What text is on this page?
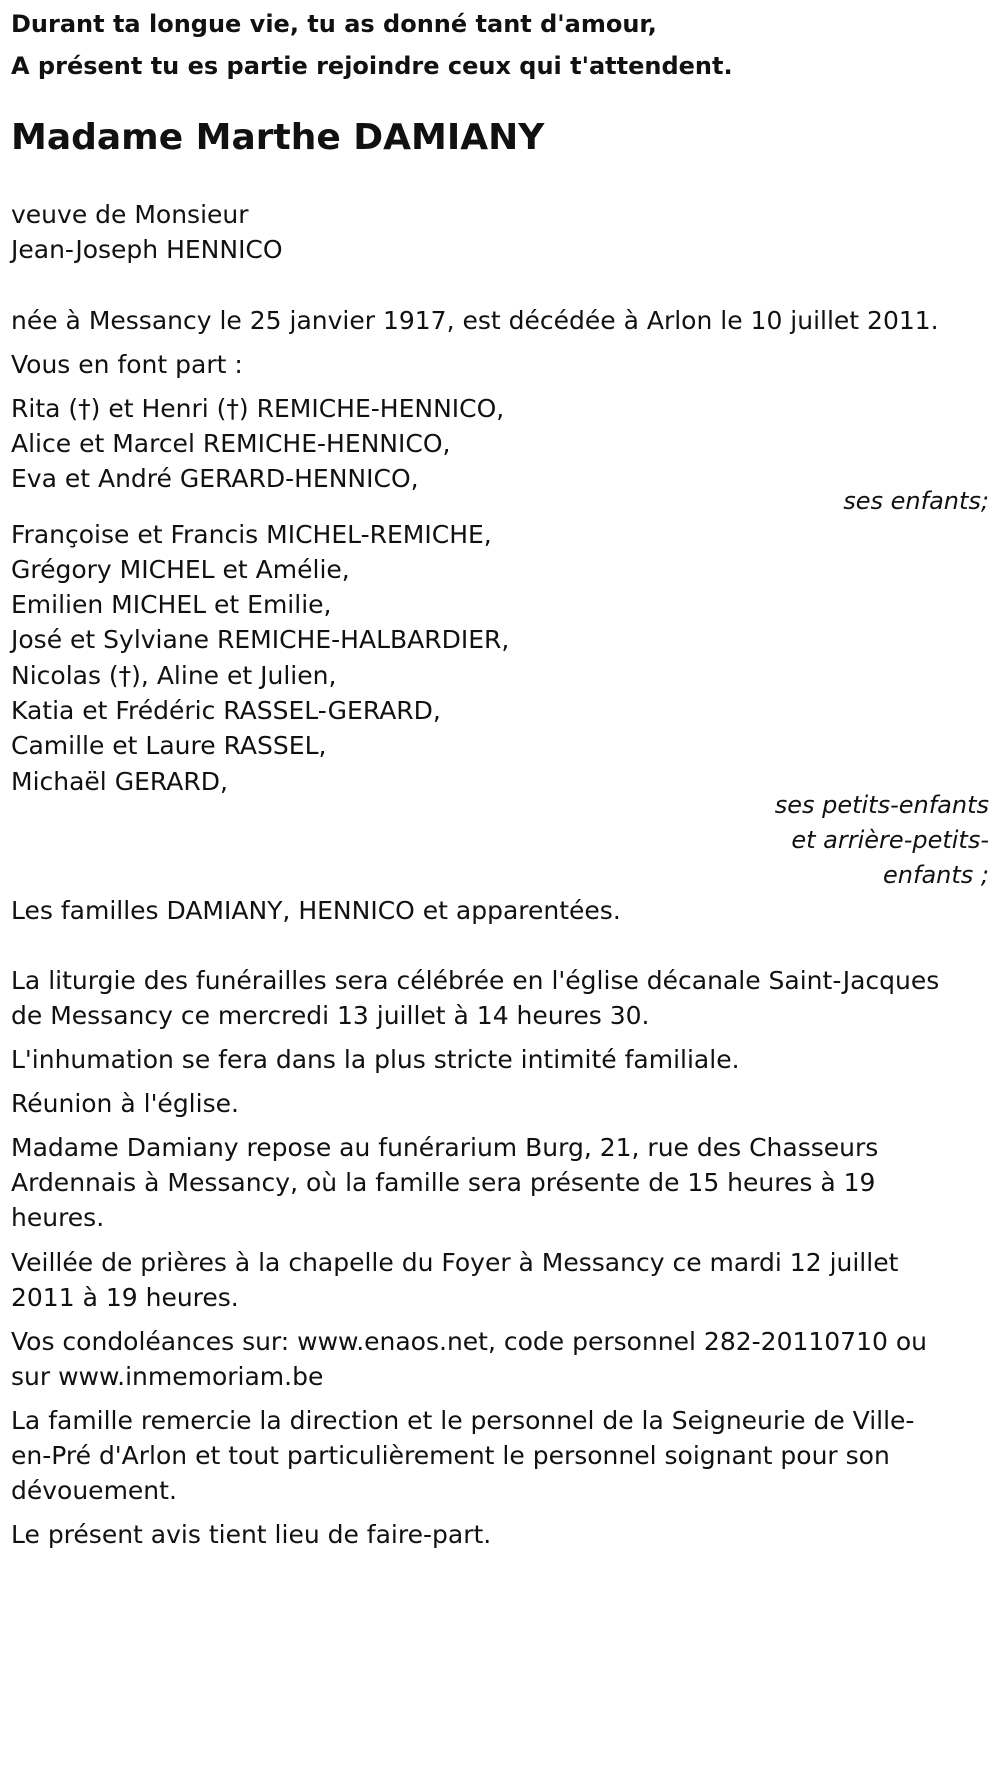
Durant ta longue vie, tu as donné tant d'amour,

A présent tu es partie rejoindre ceux qui t'attendent.

Madame Marthe DAMIANY

veuve de Monsieur

Jean-Joseph HENNICO

née à Messancy le 25 janvier 1917, est décédée à Arlon le 10 juillet 2011.

Vous en font part :

Rita (†) et Henri (†) REMICHE-HENNICO,

Alice et Marcel REMICHE-HENNICO,

Eva et André GERARD-HENNICO,

ses enfants;

Françoise et Francis MICHEL-REMICHE,

Grégory MICHEL et Amélie,

Emilien MICHEL et Emilie,

José et Sylviane REMICHE-HALBARDIER,

Nicolas (†), Aline et Julien,

Katia et Frédéric RASSEL-GERARD,

Camille et Laure RASSEL,

Michaël GERARD,

ses petits-enfants

et arrière-petits-

enfants ;

Les familles DAMIANY, HENNICO et apparentées.

La liturgie des funérailles sera célébrée en l'église décanale Saint-Jacques

de Messancy ce mercredi 13 juillet à 14 heures 30.

L'inhumation se fera dans la plus stricte intimité familiale.

Réunion à l'église.

Madame Damiany repose au funérarium Burg, 21, rue des Chasseurs

Ardennais à Messancy, où la famille sera présente de 15 heures à 19

heures.

Veillée de prières à la chapelle du Foyer à Messancy ce mardi 12 juillet

2011 à 19 heures.

Vos condoléances sur: www.enaos.net, code personnel 282-20110710 ou

sur www.inmemoriam.be

La famille remercie la direction et le personnel de la Seigneurie de Ville-

en-Pré d'Arlon et tout particulièrement le personnel soignant pour son

dévouement.

Le présent avis tient lieu de faire-part.
